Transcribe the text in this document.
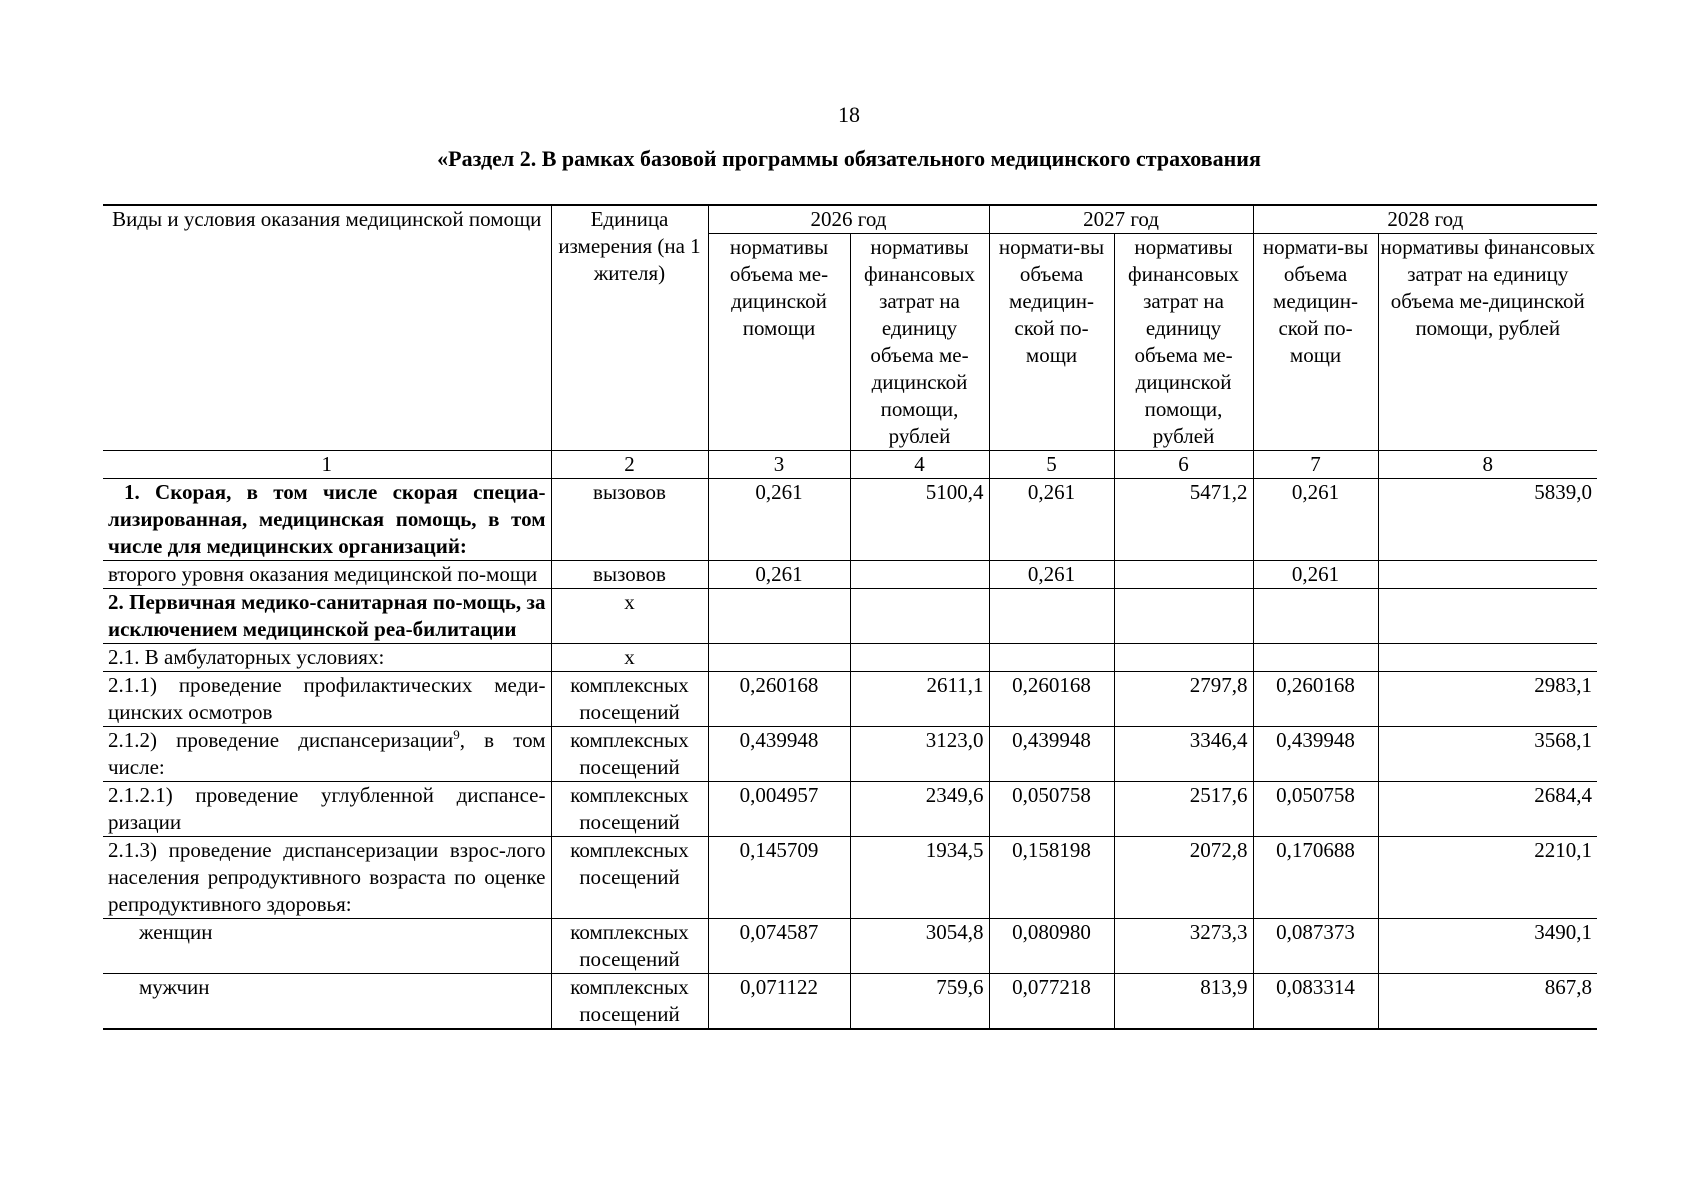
18
«Раздел 2. В рамках базовой программы обязательного медицинского страхования
Виды и условия оказания медицинской помощи	Единица измерения (на 1 жителя)	2026 год		2027 год		2028 год	
		нормативы объема ме-дицинской помощи	нормативы финансовых затрат на единицу объема ме-дицинской помощи, рублей	нормати-вы объема медицин-ской по-мощи	нормативы финансовых затрат на единицу объема ме-дицинской помощи, рублей	нормати-вы объема медицин-ской по-мощи	нормативы финансовых затрат на единицу объема ме-дицинской помощи, рублей
1	2	3	4	5	6	7	8
1. Скорая, в том числе скорая специа-лизированная, медицинская помощь, в том числе для медицинских организаций:	вызовов	0,261	5100,4	0,261	5471,2	0,261	5839,0
второго уровня оказания медицинской по-мощи	вызовов	0,261		0,261		0,261	
2. Первичная медико-санитарная по-мощь, за исключением медицинской реа-билитации	х						
2.1. В амбулаторных условиях:	х						
2.1.1) проведение профилактических меди-цинских осмотров	комплексных посещений	0,260168	2611,1	0,260168	2797,8	0,260168	2983,1
2.1.2) проведение диспансеризации$^9$, в том числе:	комплексных посещений	0,439948	3123,0	0,439948	3346,4	0,439948	3568,1
2.1.2.1) проведение углубленной диспансе-ризации	комплексных посещений	0,004957	2349,6	0,050758	2517,6	0,050758	2684,4
2.1.3) проведение диспансеризации взрос-лого населения репродуктивного возраста по оценке репродуктивного здоровья:	комплексных посещений	0,145709	1934,5	0,158198	2072,8	0,170688	2210,1
женщин	комплексных посещений	0,074587	3054,8	0,080980	3273,3	0,087373	3490,1
мужчин	комплексных посещений	0,071122	759,6	0,077218	813,9	0,083314	867,8
